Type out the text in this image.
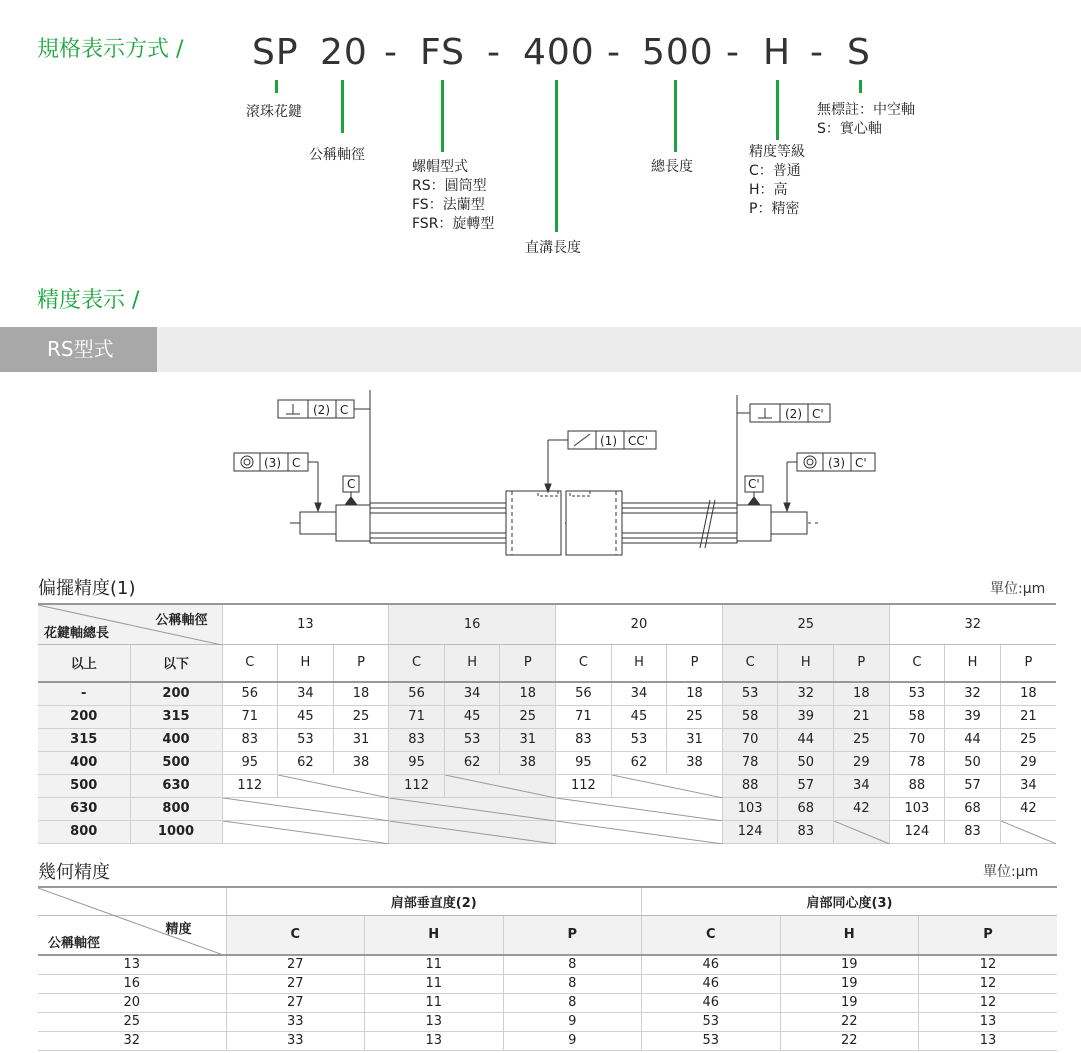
規格表示方式 / SP 20 - FS - 400 - 500 - H - S
滾珠花鍵
公稱軸徑
螺帽型式
RS：圓筒型
FS：法蘭型
FSR：旋轉型
直溝長度
總長度
精度等級
C：普通
H：高
P：精密
無標註：中空軸
S：實心軸
精度表示 /
RS型式
(2) C
(3) C
C
(1) CC'
(2) C'
(3) C'
C'
偏擺精度(1)	單位:μm
公稱軸徑
花鍵軸總長		13			16			20			25			32		
以上	以下	C	H	P	C	H	P	C	H	P	C	H	P	C	H	P
-	200	56	34	18	56	34	18	56	34	18	53	32	18	53	32	18
200	315	71	45	25	71	45	25	71	45	25	58	39	21	58	39	21
315	400	83	53	31	83	53	31	83	53	31	70	44	25	70	44	25
400	500	95	62	38	95	62	38	95	62	38	78	50	29	78	50	29
500	630	112			112			112			88	57	34	88	57	34
630	800										103	68	42	103	68	42
800	1000										124	83		124	83	
幾何精度	單位:μm
	肩部垂直度(2)			肩部同心度(3)		

精度
公稱軸徑	C	H	P	C	H	P
13	27	11	8	46	19	12
16	27	11	8	46	19	12
20	27	11	8	46	19	12
25	33	13	9	53	22	13
32	33	13	9	53	22	13
